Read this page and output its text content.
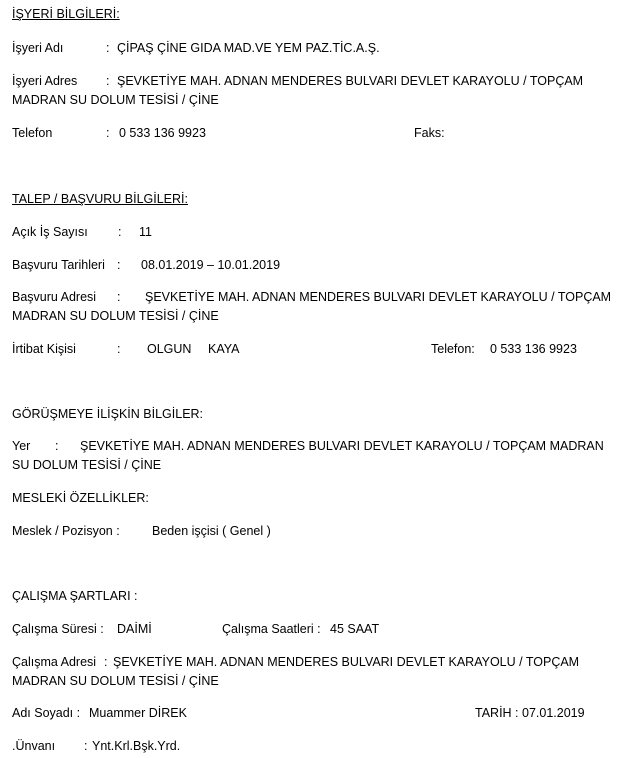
İŞYERİ BİLGİLERİ:
İşyeri Adı	: ÇİPAŞ ÇİNE GIDA MAD.VE YEM PAZ.TİC.A.Ş.
İşyeri Adres : ŞEVKETİYE MAH. ADNAN MENDERES BULVARI DEVLET KARAYOLU / TOPÇAM
MADRAN SU DOLUM TESİSİ / ÇİNE
Telefon	: 0 533 136 9923	Faks:
TALEP / BAŞVURU BİLGİLERİ:
Açık İş Sayısı : 11
Başvuru Tarihleri : 08.01.2019 – 10.01.2019
Başvuru Adresi : ŞEVKETİYE MAH. ADNAN MENDERES BULVARI DEVLET KARAYOLU / TOPÇAM
MADRAN SU DOLUM TESİSİ / ÇİNE
İrtibat Kişisi	: OLGUN KAYA	Telefon: 0 533 136 9923
GÖRÜŞMEYE İLİŞKİN BİLGİLER:
Yer : ŞEVKETİYE MAH. ADNAN MENDERES BULVARI DEVLET KARAYOLU / TOPÇAM MADRAN
SU DOLUM TESİSİ / ÇİNE
MESLEKİ ÖZELLİKLER:
Meslek / Pozisyon :	Beden işçisi ( Genel )
ÇALIŞMA ŞARTLARI :
Çalışma Süresi : DAİMİ	Çalışma Saatleri : 45 SAAT
Çalışma Adresi : ŞEVKETİYE MAH. ADNAN MENDERES BULVARI DEVLET KARAYOLU / TOPÇAM
MADRAN SU DOLUM TESİSİ / ÇİNE
Adı Soyadı : Muammer DİREK	TARİH : 07.01.2019
.Ünvanı : Ynt.Krl.Bşk.Yrd.
